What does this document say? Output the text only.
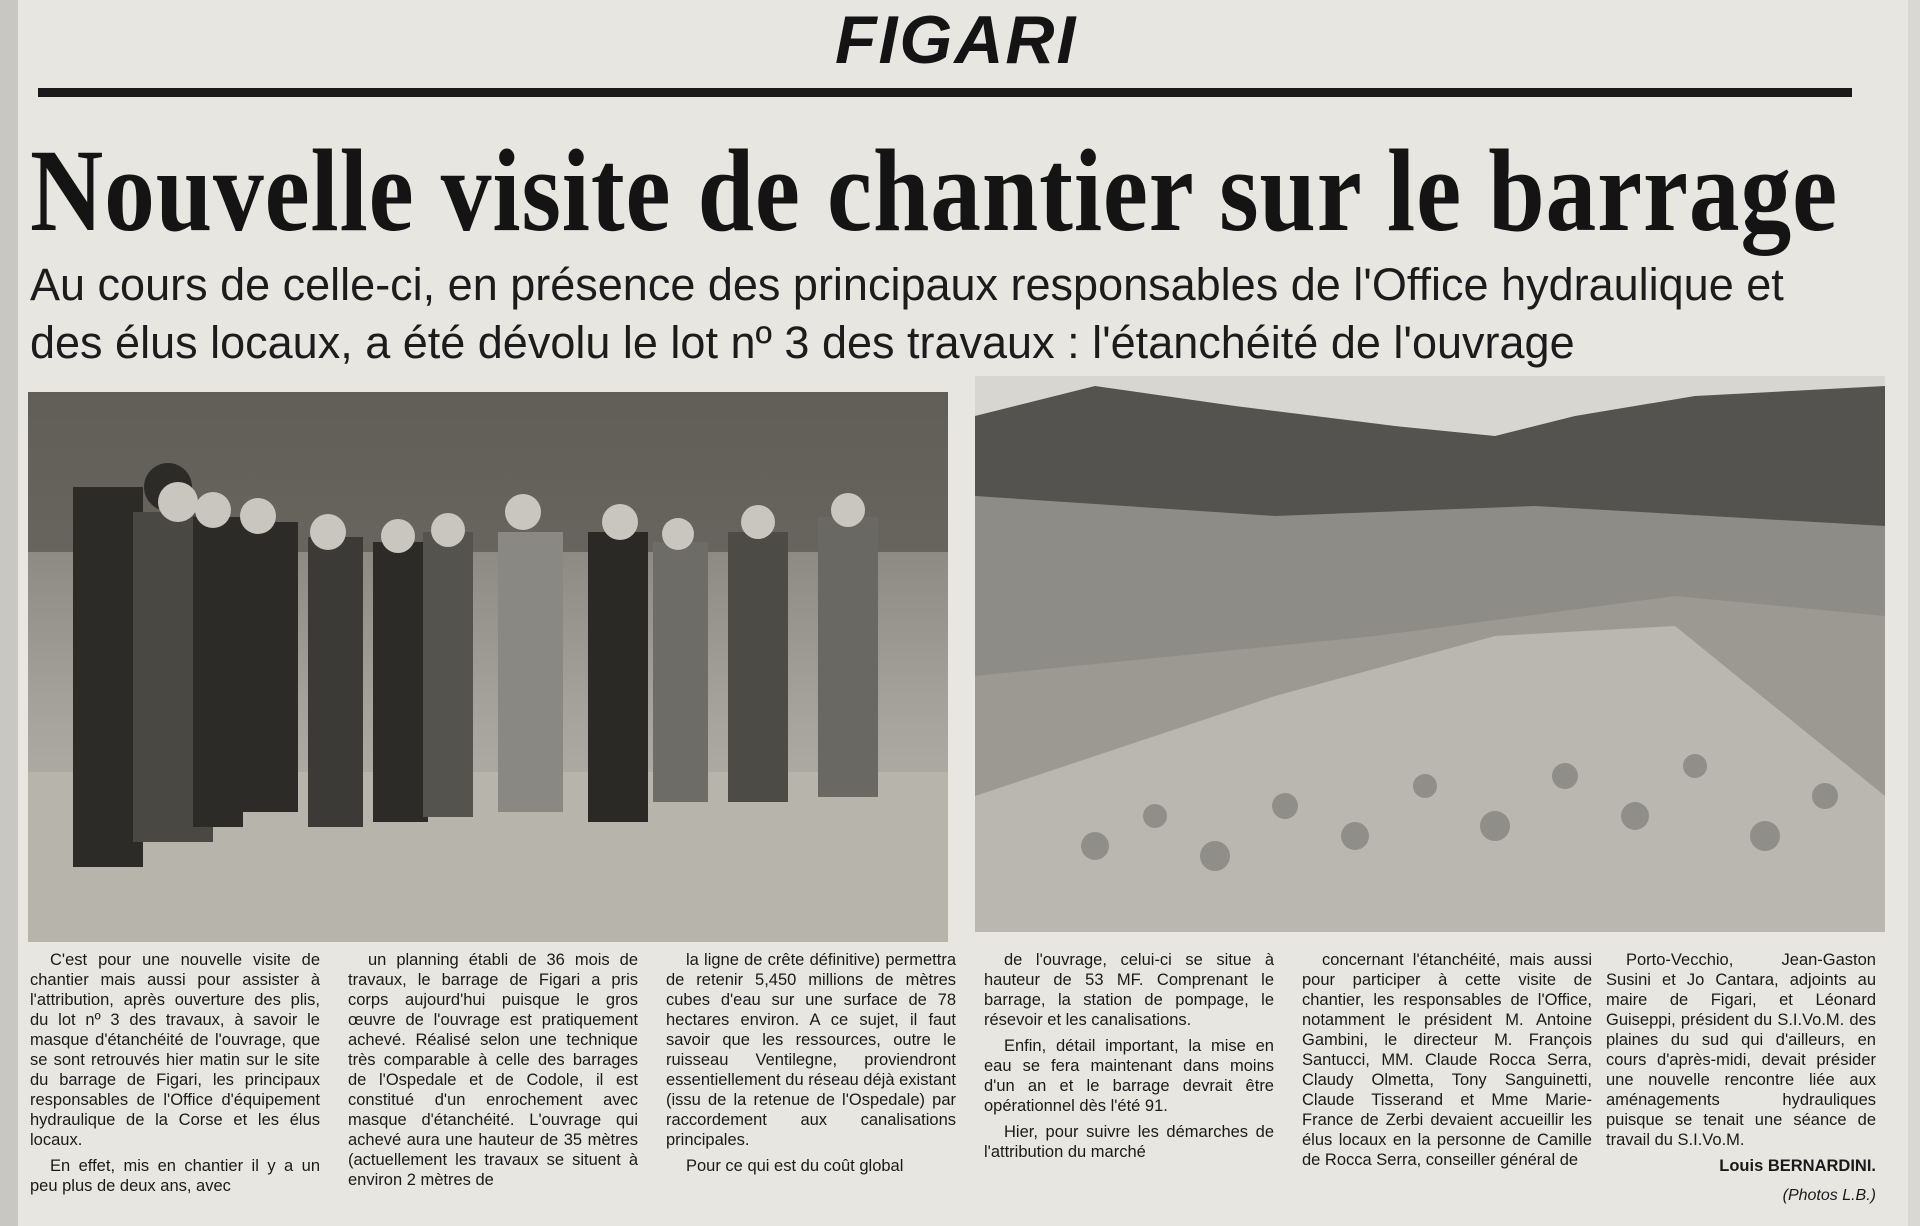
FIGARI
Nouvelle visite de chantier sur le barrage
Au cours de celle-ci, en présence des principaux responsables de l'Office hydraulique et des élus locaux, a été dévolu le lot nº 3 des travaux : l'étanchéité de l'ouvrage

C'est pour une nouvelle visite de chantier mais aussi pour assister à l'attribution, après ouverture des plis, du lot nº 3 des travaux, à savoir le masque d'étanchéité de l'ouvrage, que se sont retrouvés hier matin sur le site du barrage de Figari, les principaux responsables de l'Office d'équipement hydraulique de la Corse et les élus locaux.

En effet, mis en chantier il y a un peu plus de deux ans, avec

un planning établi de 36 mois de travaux, le barrage de Figari a pris corps aujourd'hui puisque le gros œuvre de l'ouvrage est pratiquement achevé. Réalisé selon une technique très comparable à celle des barrages de l'Ospedale et de Codole, il est constitué d'un enrochement avec masque d'étanchéité. L'ouvrage qui achevé aura une hauteur de 35 mètres (actuellement les travaux se situent à environ 2 mètres de

la ligne de crête définitive) permettra de retenir 5,450 millions de mètres cubes d'eau sur une surface de 78 hectares environ. A ce sujet, il faut savoir que les ressources, outre le ruisseau Ventilegne, proviendront essentiellement du réseau déjà existant (issu de la retenue de l'Ospedale) par raccordement aux canalisations principales.

Pour ce qui est du coût global

de l'ouvrage, celui-ci se situe à hauteur de 53 MF. Comprenant le barrage, la station de pompage, le résevoir et les canalisations.

Enfin, détail important, la mise en eau se fera maintenant dans moins d'un an et le barrage devrait être opérationnel dès l'été 91.

Hier, pour suivre les démarches de l'attribution du marché

concernant l'étanchéité, mais aussi pour participer à cette visite de chantier, les responsables de l'Office, notamment le président M. Antoine Gambini, le directeur M. François Santucci, MM. Claude Rocca Serra, Claudy Olmetta, Tony Sanguinetti, Claude Tisserand et Mme Marie-France de Zerbi devaient accueillir les élus locaux en la personne de Camille de Rocca Serra, conseiller général de

Porto-Vecchio, Jean-Gaston Susini et Jo Cantara, adjoints au maire de Figari, et Léonard Guiseppi, président du S.I.Vo.M. des plaines du sud qui d'ailleurs, en cours d'après-midi, devait présider une nouvelle rencontre liée aux aménagements hydrauliques puisque se tenait une séance de travail du S.I.Vo.M.

Louis BERNARDINI.
(Photos L.B.)
